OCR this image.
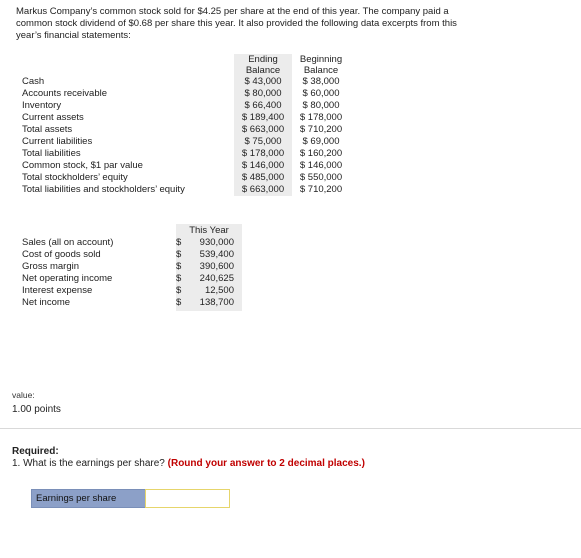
Markus Company’s common stock sold for $4.25 per share at the end of this year. The company paid a
common stock dividend of $0.68 per share this year. It also provided the following data excerpts from this
year’s financial statements:
Ending
Balance
Beginning
Balance
Cash	$ 43,000	$ 38,000
Accounts receivable	$ 80,000	$ 60,000
Inventory	$ 66,400	$ 80,000
Current assets	$ 189,400	$ 178,000
Total assets	$ 663,000	$ 710,200
Current liabilities	$ 75,000	$ 69,000
Total liabilities	$ 178,000	$ 160,200
Common stock, $1 par value	$ 146,000	$ 146,000
Total stockholders’ equity	$ 485,000	$ 550,000
Total liabilities and stockholders’ equity	$ 663,000	$ 710,200
This Year
Sales (all on account)	$	930,000
Cost of goods sold	$	539,400
Gross margin	$	390,600
Net operating income	$	240,625
Interest expense	$	12,500
Net income	$	138,700
value:
1.00 points
Required:
1. What is the earnings per share? (Round your answer to 2 decimal places.)
Earnings per share
